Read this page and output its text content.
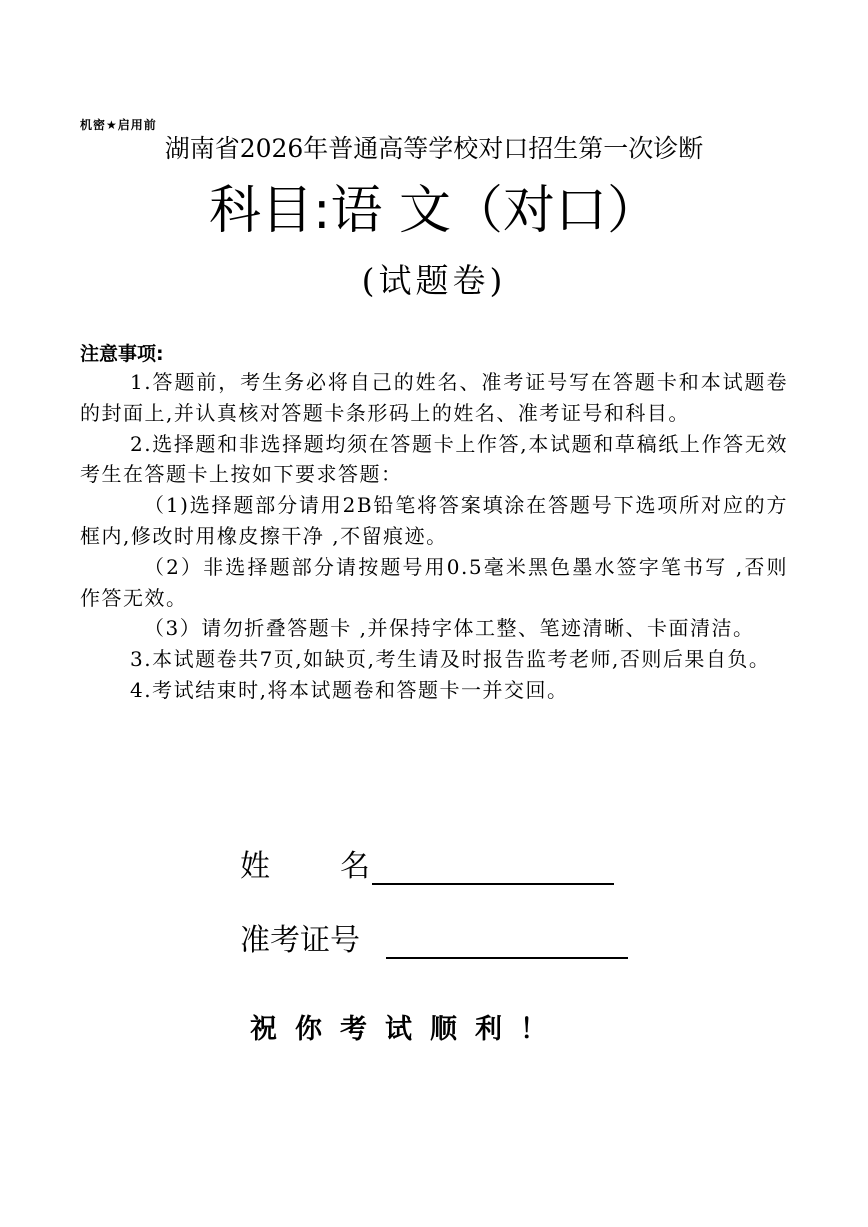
机密★启用前
湖南省2026年普通高等学校对口招生第一次诊断
科目:语 文（对口）
(试题卷)
注意事项:

1.答题前，考生务必将自己的姓名、准考证号写在答题卡和本试题卷的封面上,并认真核对答题卡条形码上的姓名、准考证号和科目。

2.选择题和非选择题均须在答题卡上作答,本试题和草稿纸上作答无效考生在答题卡上按如下要求答题：

（1)选择题部分请用2B铅笔将答案填涂在答题号下选项所对应的方框内,修改时用橡皮擦干净 ,不留痕迹。

（2）非选择题部分请按题号用0.5毫米黑色墨水签字笔书写 ,否则作答无效。

（3）请勿折叠答题卡 ,并保持字体工整、笔迹清晰、卡面清洁。

3.本试题卷共7页,如缺页,考生请及时报告监考老师,否则后果自负。

4.考试结束时,将本试题卷和答题卡一并交回。

姓名
准考证号
祝你考试顺利！
